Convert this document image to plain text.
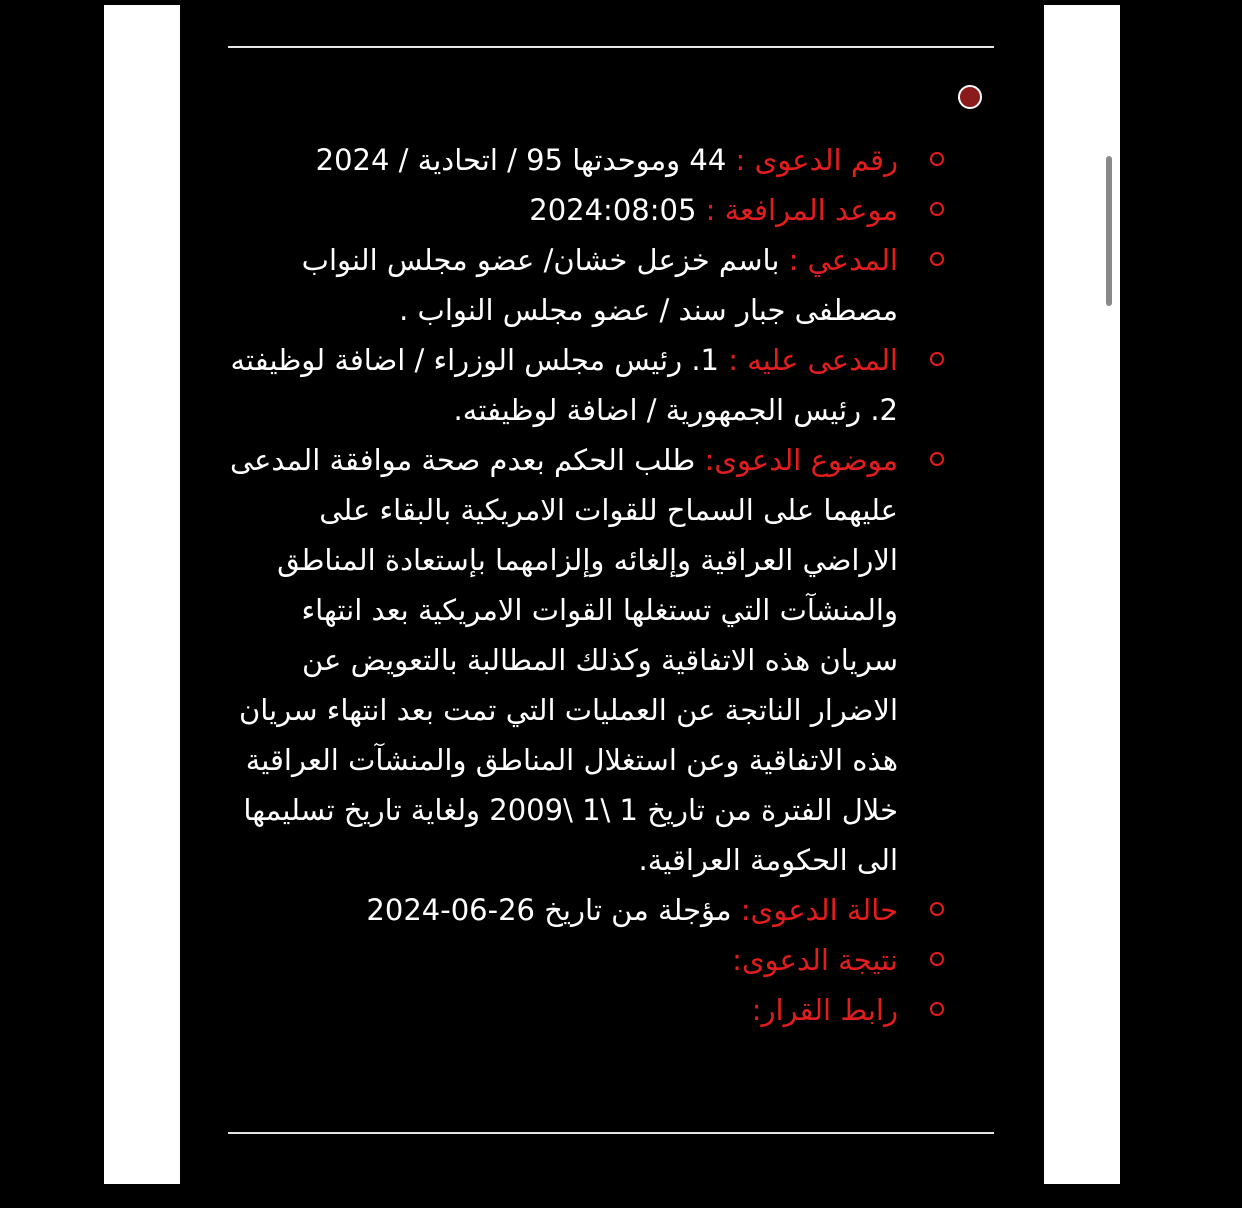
رقم الدعوى : 44 وموحدتها 95 / اتحادية / 2024
موعد المرافعة : 2024:08:05
المدعي : باسم خزعل خشان/ عضو مجلس النواب مصطفى جبار سند / عضو مجلس النواب .
المدعى عليه : 1. رئيس مجلس الوزراء / اضافة لوظيفته 2. رئيس الجمهورية / اضافة لوظيفته.
موضوع الدعوى: طلب الحكم بعدم صحة موافقة المدعى عليهما على السماح للقوات الامريكية بالبقاء على الاراضي العراقية وإلغائه وإلزامهما بإستعادة المناطق والمنشآت التي تستغلها القوات الامريكية بعد انتهاء سريان هذه الاتفاقية وكذلك المطالبة بالتعويض عن الاضرار الناتجة عن العمليات التي تمت بعد انتهاء سريان هذه الاتفاقية وعن استغلال المناطق والمنشآت العراقية خلال الفترة من تاريخ 1 \1 \2009 ولغاية تاريخ تسليمها الى الحكومة العراقية.
حالة الدعوى: مؤجلة من تاريخ 26-06-2024
نتيجة الدعوى:
رابط القرار:
